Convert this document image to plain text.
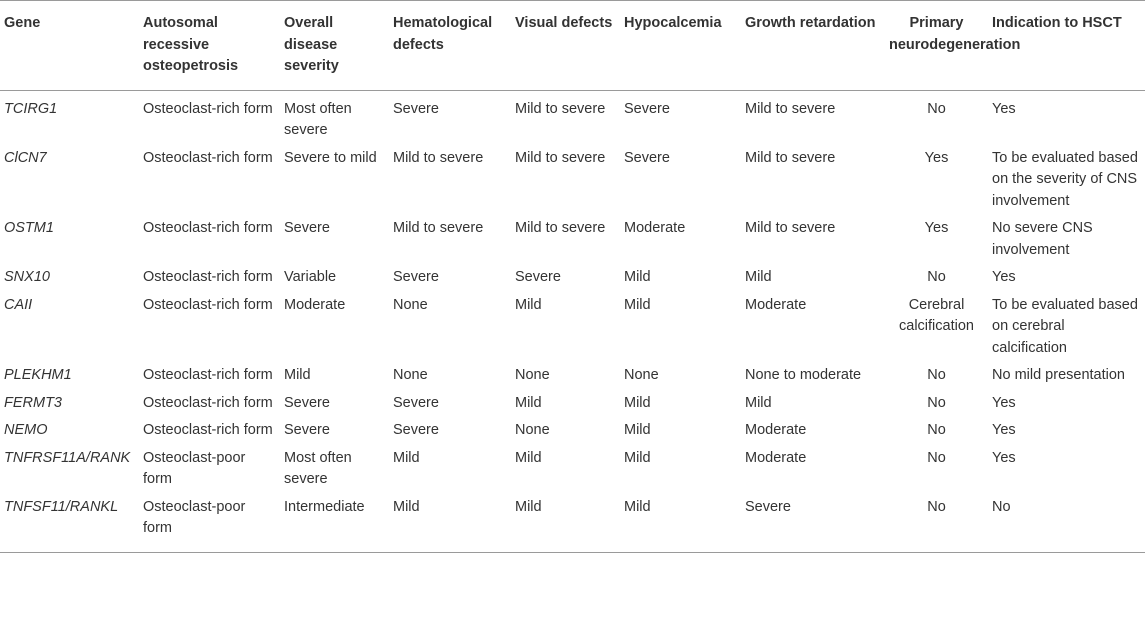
Gene	Autosomal recessive osteopetrosis	Overall disease severity	Hematological defects	Visual defects	Hypocalcemia	Growth retardation	Primary neurodegeneration	Indication to HSCT
TCIRG1	Osteoclast-rich form	Most often severe	Severe	Mild to severe	Severe	Mild to severe	No	Yes
ClCN7	Osteoclast-rich form	Severe to mild	Mild to severe	Mild to severe	Severe	Mild to severe	Yes	To be evaluated based on the severity of CNS involvement
OSTM1	Osteoclast-rich form	Severe	Mild to severe	Mild to severe	Moderate	Mild to severe	Yes	No severe CNS involvement
SNX10	Osteoclast-rich form	Variable	Severe	Severe	Mild	Mild	No	Yes
CAII	Osteoclast-rich form	Moderate	None	Mild	Mild	Moderate	Cerebral calcification	To be evaluated based on cerebral calcification
PLEKHM1	Osteoclast-rich form	Mild	None	None	None	None to moderate	No	No mild presentation
FERMT3	Osteoclast-rich form	Severe	Severe	Mild	Mild	Mild	No	Yes
NEMO	Osteoclast-rich form	Severe	Severe	None	Mild	Moderate	No	Yes
TNFRSF11A/RANK	Osteoclast-poor form	Most often severe	Mild	Mild	Mild	Moderate	No	Yes
TNFSF11/RANKL	Osteoclast-poor form	Intermediate	Mild	Mild	Mild	Severe	No	No
